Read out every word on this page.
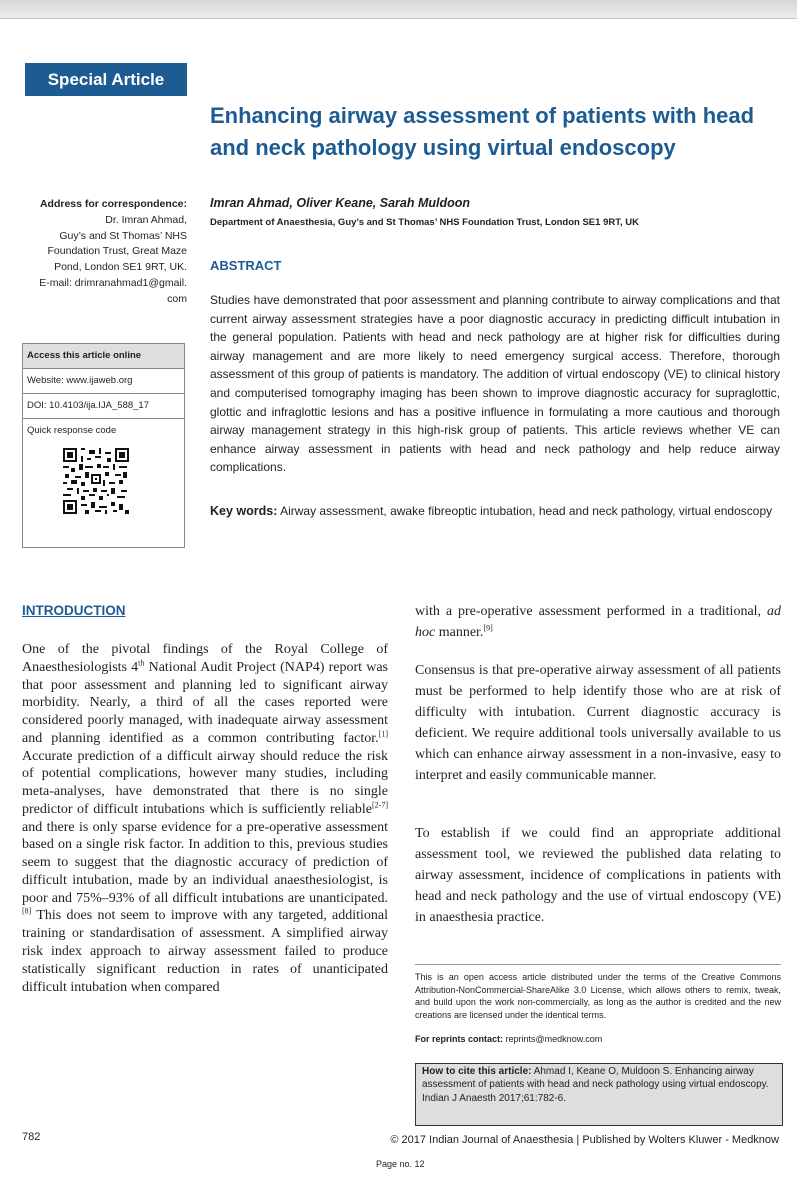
Special Article
Enhancing airway assessment of patients with head and neck pathology using virtual endoscopy
Address for correspondence:
Dr. Imran Ahmad,
Guy’s and St Thomas’ NHS
Foundation Trust, Great Maze
Pond, London SE1 9RT, UK.
E-mail: drimranahmad1@gmail.
com
Access this article online
Website: www.ijaweb.org
DOI: 10.4103/ija.IJA_588_17
Quick response code
Imran Ahmad, Oliver Keane, Sarah Muldoon
Department of Anaesthesia, Guy’s and St Thomas’ NHS Foundation Trust, London SE1 9RT, UK
ABSTRACT

Studies have demonstrated that poor assessment and planning contribute to airway complications and that current airway assessment strategies have a poor diagnostic accuracy in predicting difficult intubation in the general population. Patients with head and neck pathology are at higher risk for difficulties during airway management and are more likely to need emergency surgical access. Therefore, thorough assessment of this group of patients is mandatory. The addition of virtual endoscopy (VE) to clinical history and computerised tomography imaging has been shown to improve diagnostic accuracy for supraglottic, glottic and infraglottic lesions and has a positive influence in formulating a more cautious and thorough airway management strategy in this high-risk group of patients. This article reviews whether VE can enhance airway assessment in patients with head and neck pathology and help reduce airway complications.

Key words: Airway assessment, awake fibreoptic intubation, head and neck pathology, virtual endoscopy

INTRODUCTION

One of the pivotal findings of the Royal College of Anaesthesiologists 4th National Audit Project (NAP4) report was that poor assessment and planning led to significant airway morbidity. Nearly, a third of all the cases reported were considered poorly managed, with inadequate airway assessment and planning identified as a common contributing factor.[1] Accurate prediction of a difficult airway should reduce the risk of potential complications, however many studies, including meta-analyses, have demonstrated that there is no single predictor of difficult intubations which is sufficiently reliable[2-7] and there is only sparse evidence for a pre-operative assessment based on a single risk factor. In addition to this, previous studies seem to suggest that the diagnostic accuracy of prediction of difficult intubation, made by an individual anaesthesiologist, is poor and 75%–93% of all difficult intubations are unanticipated.[8] This does not seem to improve with any targeted, additional training or standardisation of assessment. A simplified airway risk index approach to airway assessment failed to produce statistically significant reduction in rates of unanticipated difficult intubation when compared

with a pre-operative assessment performed in a traditional, ad hoc manner.[9]

Consensus is that pre-operative airway assessment of all patients must be performed to help identify those who are at risk of difficulty with intubation. Current diagnostic accuracy is deficient. We require additional tools universally available to us which can enhance airway assessment in a non-invasive, easy to interpret and easily communicable manner.

To establish if we could find an appropriate additional assessment tool, we reviewed the published data relating to airway assessment, incidence of complications in patients with head and neck pathology and the use of virtual endoscopy (VE) in anaesthesia practice.

This is an open access article distributed under the terms of the Creative Commons Attribution-NonCommercial-ShareAlike 3.0 License, which allows others to remix, tweak, and build upon the work non-commercially, as long as the author is credited and the new creations are licensed under the identical terms.

For reprints contact: reprints@medknow.com

How to cite this article: Ahmad I, Keane O, Muldoon S. Enhancing airway assessment of patients with head and neck pathology using virtual endoscopy. Indian J Anaesth 2017;61:782-6.

782	© 2017 Indian Journal of Anaesthesia | Published by Wolters Kluwer - Medknow
Page no. 12
